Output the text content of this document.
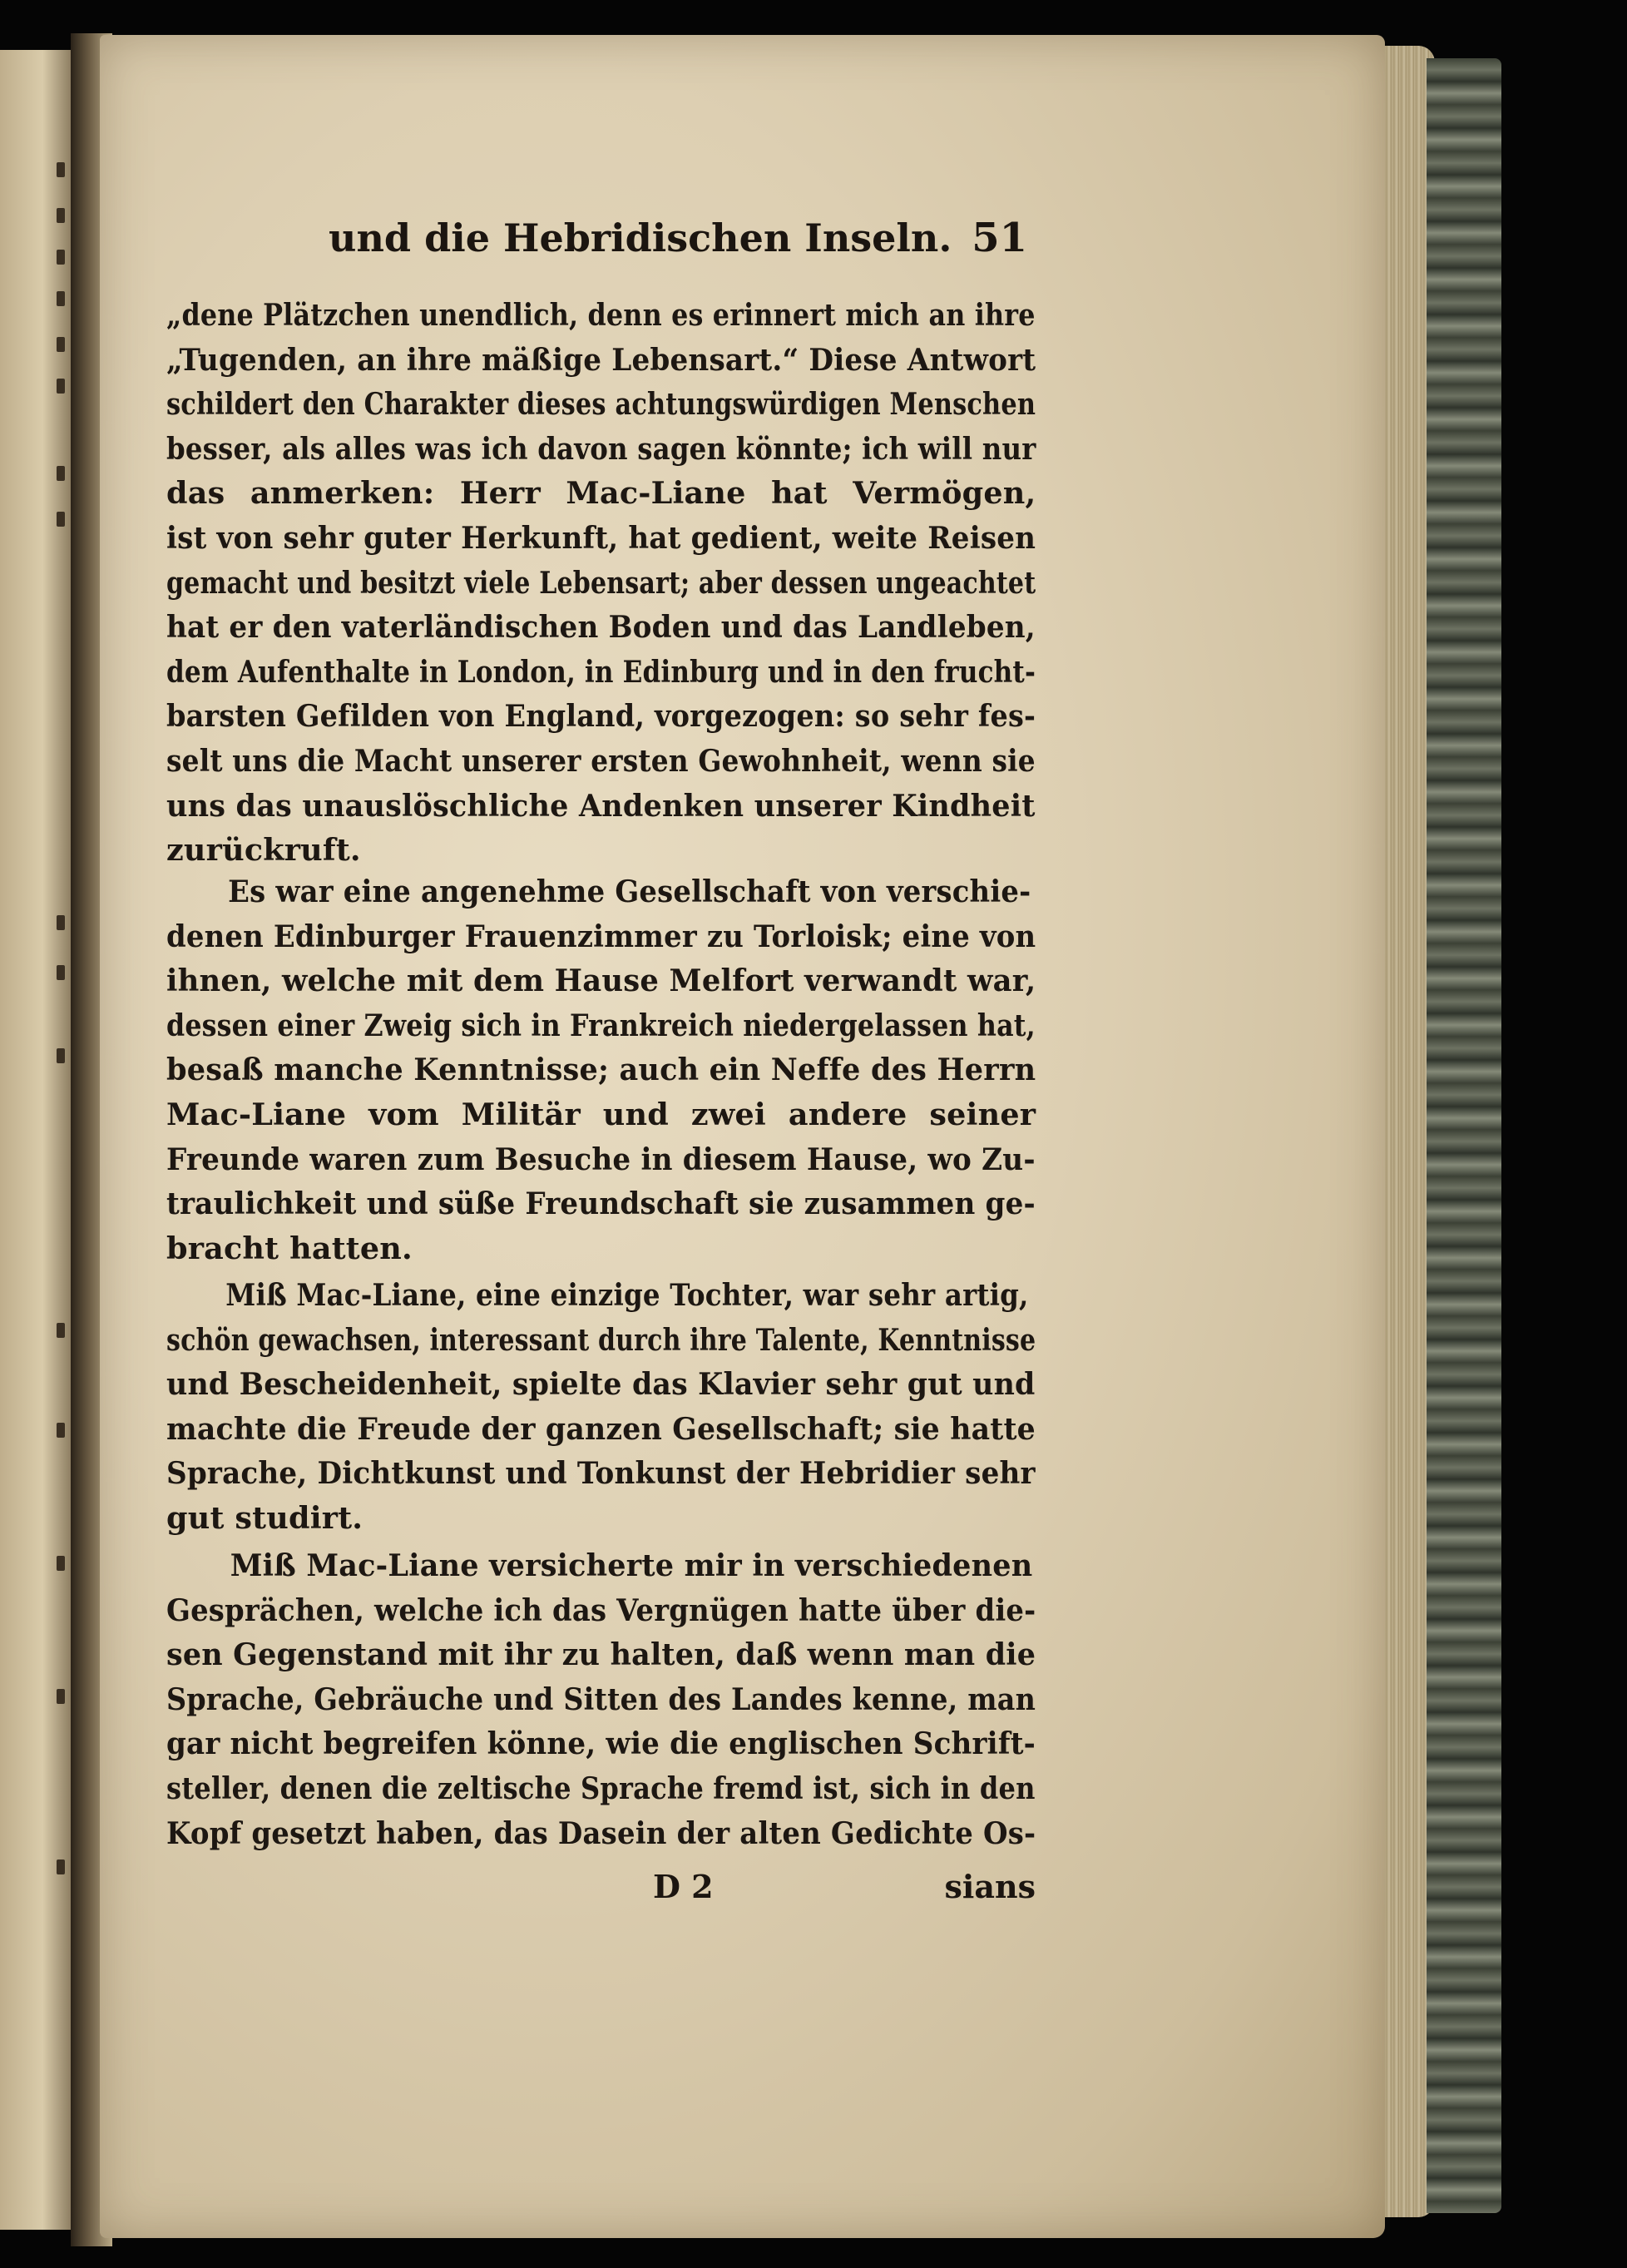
und die Hebridischen Inseln. 51
„dene Plätzchen unendlich, denn es erinnert mich an ihre
„Tugenden, an ihre mäßige Lebensart.“ Diese Antwort
schildert den Charakter dieses achtungswürdigen Menschen
besser, als alles was ich davon sagen könnte; ich will nur
das anmerken: Herr Mac-Liane hat Vermögen,
ist von sehr guter Herkunft, hat gedient, weite Reisen
gemacht und besitzt viele Lebensart; aber dessen ungeachtet
hat er den vaterländischen Boden und das Landleben,
dem Aufenthalte in London, in Edinburg und in den frucht-
barsten Gefilden von England, vorgezogen: so sehr fes-
selt uns die Macht unserer ersten Gewohnheit, wenn sie
uns das unauslöschliche Andenken unserer Kindheit
zurückruft.
Es war eine angenehme Gesellschaft von verschie-
denen Edinburger Frauenzimmer zu Torloisk; eine von
ihnen, welche mit dem Hause Melfort verwandt war,
dessen einer Zweig sich in Frankreich niedergelassen hat,
besaß manche Kenntnisse; auch ein Neffe des Herrn
Mac-Liane vom Militär und zwei andere seiner
Freunde waren zum Besuche in diesem Hause, wo Zu-
traulichkeit und süße Freundschaft sie zusammen ge-
bracht hatten.
Miß Mac-Liane, eine einzige Tochter, war sehr artig,
schön gewachsen, interessant durch ihre Talente, Kenntnisse
und Bescheidenheit, spielte das Klavier sehr gut und
machte die Freude der ganzen Gesellschaft; sie hatte
Sprache, Dichtkunst und Tonkunst der Hebridier sehr
gut studirt.
Miß Mac-Liane versicherte mir in verschiedenen
Gesprächen, welche ich das Vergnügen hatte über die-
sen Gegenstand mit ihr zu halten, daß wenn man die
Sprache, Gebräuche und Sitten des Landes kenne, man
gar nicht begreifen könne, wie die englischen Schrift-
steller, denen die zeltische Sprache fremd ist, sich in den
Kopf gesetzt haben, das Dasein der alten Gedichte Os-
D 2	sians
